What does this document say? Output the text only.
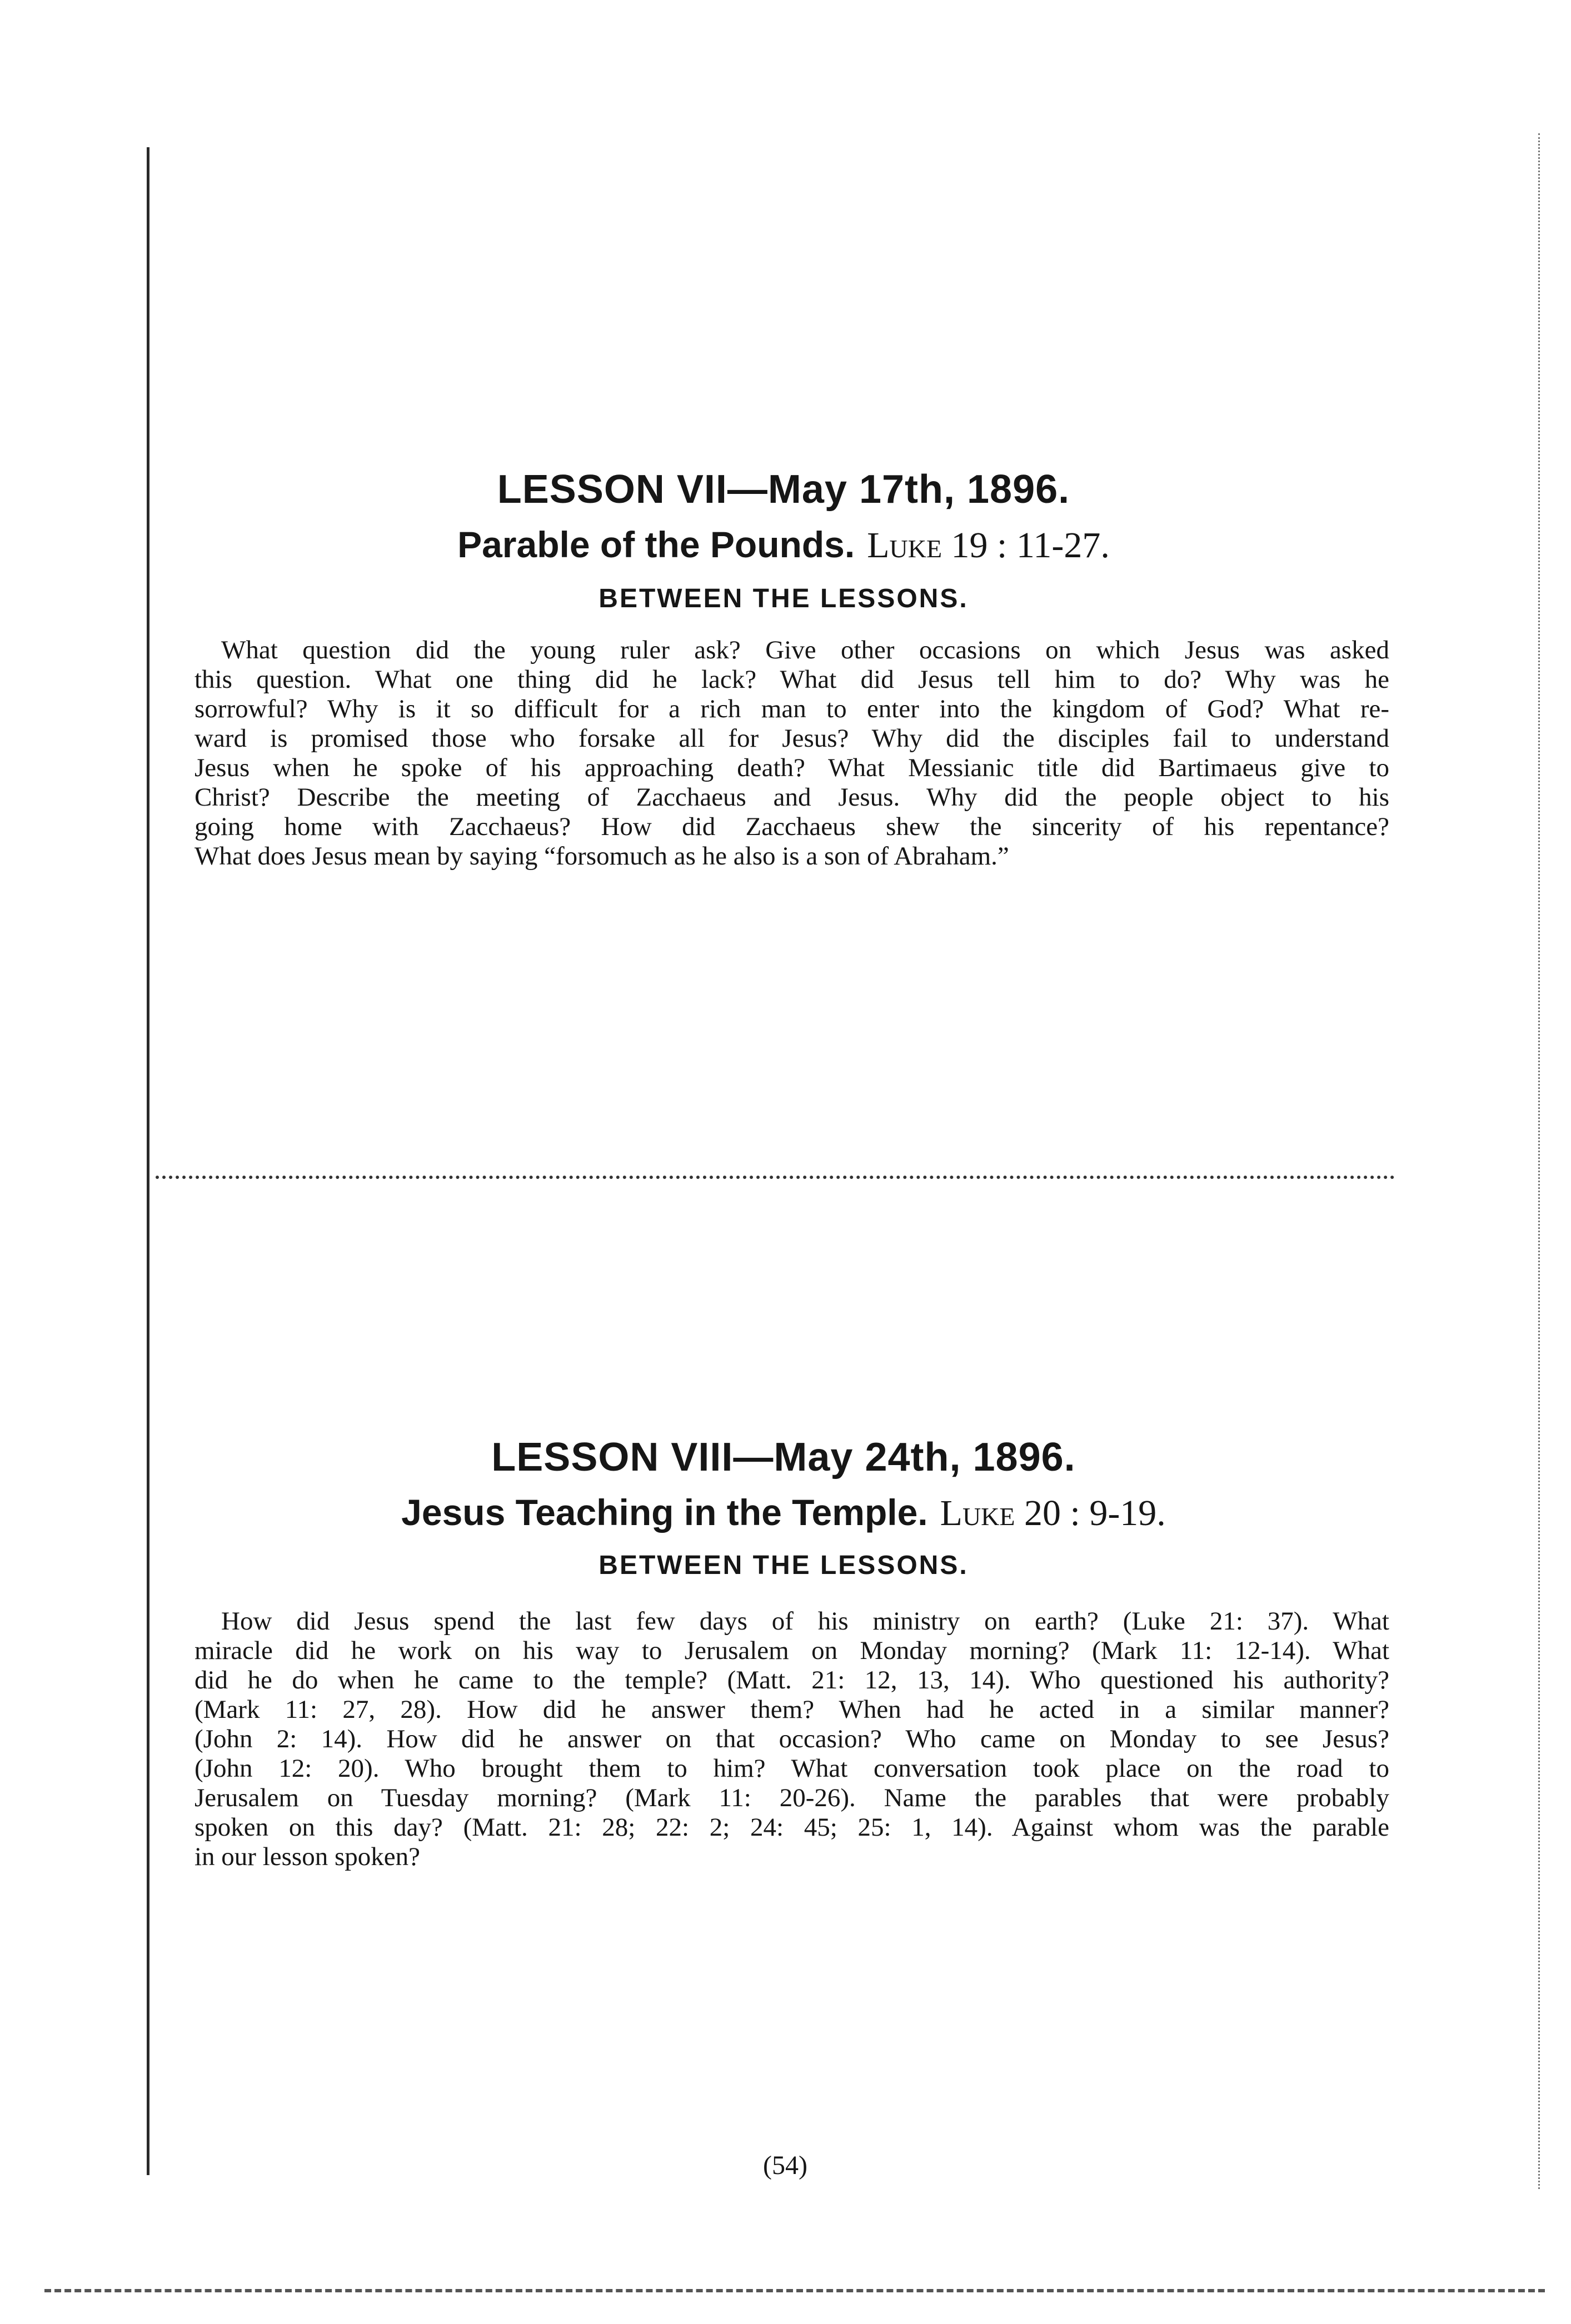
LESSON VII—May 17th, 1896.
Parable of the Pounds. Luke 19 : 11-27.
BETWEEN THE LESSONS.
What question did the young ruler ask? Give other occasions on which Jesus was asked
this question. What one thing did he lack? What did Jesus tell him to do? Why was he
sorrowful? Why is it so difficult for a rich man to enter into the kingdom of God? What re-
ward is promised those who forsake all for Jesus? Why did the disciples fail to understand
Jesus when he spoke of his approaching death? What Messianic title did Bartimaeus give to
Christ? Describe the meeting of Zacchaeus and Jesus. Why did the people object to his
going home with Zacchaeus? How did Zacchaeus shew the sincerity of his repentance?
What does Jesus mean by saying “forsomuch as he also is a son of Abraham.”
LESSON VIII—May 24th, 1896.
Jesus Teaching in the Temple. Luke 20 : 9-19.
BETWEEN THE LESSONS.
How did Jesus spend the last few days of his ministry on earth? (Luke 21: 37). What
miracle did he work on his way to Jerusalem on Monday morning? (Mark 11: 12-14). What
did he do when he came to the temple? (Matt. 21: 12, 13, 14). Who questioned his authority?
(Mark 11: 27, 28). How did he answer them? When had he acted in a similar manner?
(John 2: 14). How did he answer on that occasion? Who came on Monday to see Jesus?
(John 12: 20). Who brought them to him? What conversation took place on the road to
Jerusalem on Tuesday morning? (Mark 11: 20-26). Name the parables that were probably
spoken on this day? (Matt. 21: 28; 22: 2; 24: 45; 25: 1, 14). Against whom was the parable
in our lesson spoken?
(54)
